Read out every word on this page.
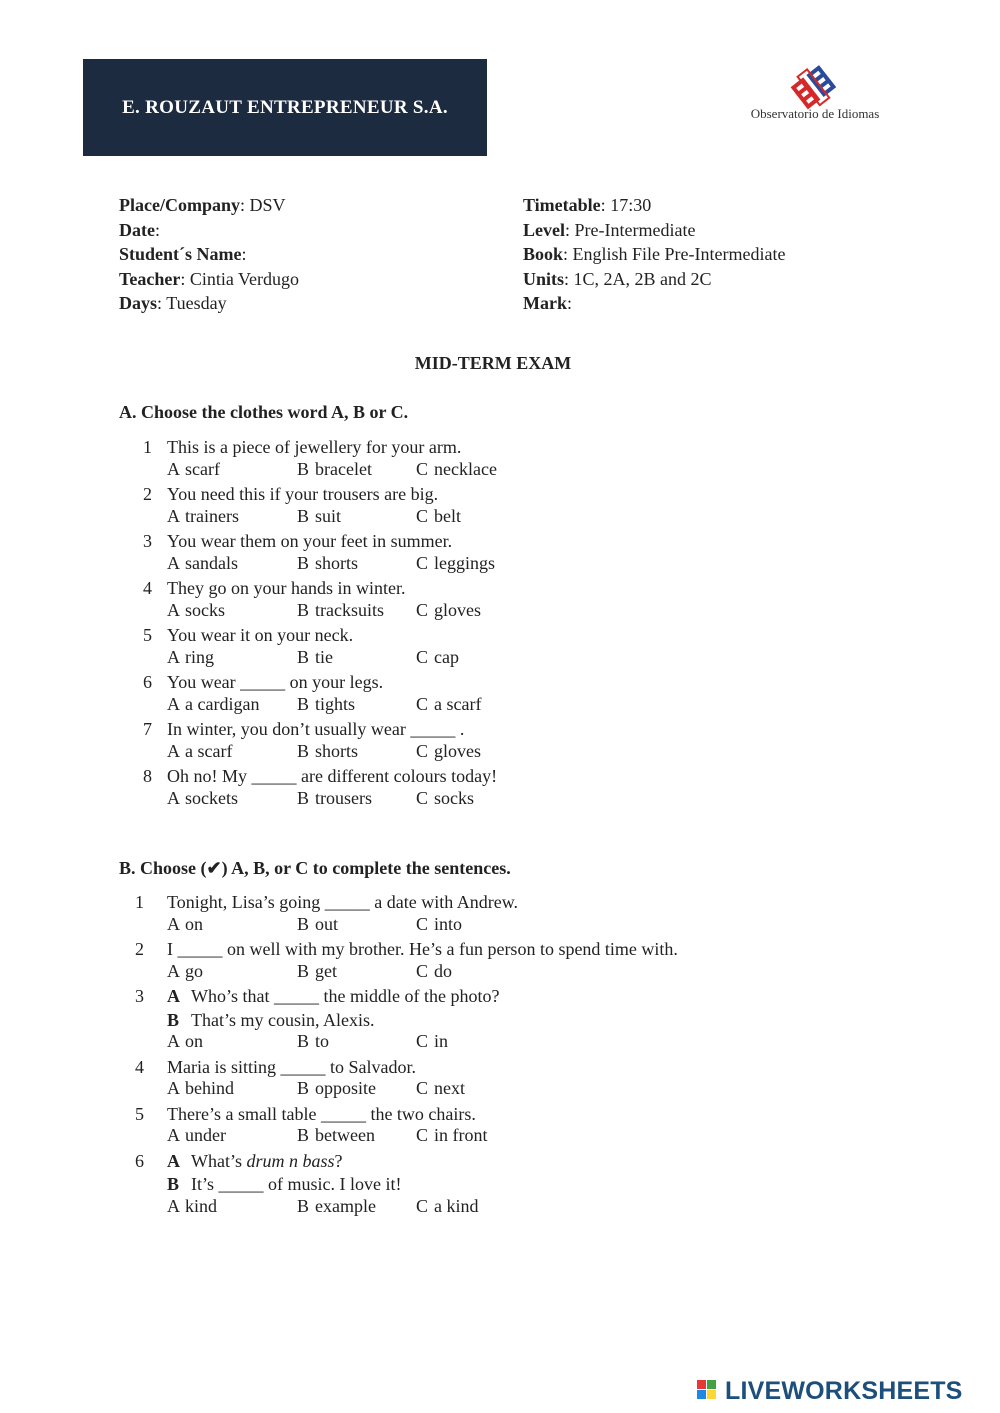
E. ROUZAUT ENTREPRENEUR S.A.	Observatorio de Idiomas
Place/Company: DSV
Date:
Student´s Name:
Teacher: Cintia Verdugo
Days: Tuesday
Timetable: 17:30
Level: Pre-Intermediate
Book: English File Pre-Intermediate
Units: 1C, 2A, 2B and 2C
Mark:
MID-TERM EXAM
A. Choose the clothes word A, B or C.
1 This is a piece of jewellery for your arm.
A scarf	B bracelet C necklace
2 You need this if your trousers are big.
A trainers	B suit	C belt
3 You wear them on your feet in summer.
A sandals	B shorts	C leggings
4 They go on your hands in winter.
A socks	B tracksuits C gloves
5 You wear it on your neck.
A ring	B tie	C cap
6 You wear _____ on your legs.
A a cardigan B tights	C a scarf
7 In winter, you don’t usually wear _____ .
A a scarf	B shorts	C gloves
8 Oh no! My _____ are different colours today!
A sockets	B trousers C socks
B. Choose (✔) A, B, or C to complete the sentences.
1 Tonight, Lisa’s going _____ a date with Andrew.
A on	B out	C into
2 I _____ on well with my brother. He’s a fun person to spend time with.
A go	B get	C do
3 A Who’s that _____ the middle of the photo?
B That’s my cousin, Alexis.
A on	B to	C in
4 Maria is sitting _____ to Salvador.
A behind	B opposite C next
5 There’s a small table _____ the two chairs.
A under	B between C in front
6 A What’s drum n bass?
B It’s _____ of music. I love it!
A kind	B example C a kind
LIVEWORKSHEETS
